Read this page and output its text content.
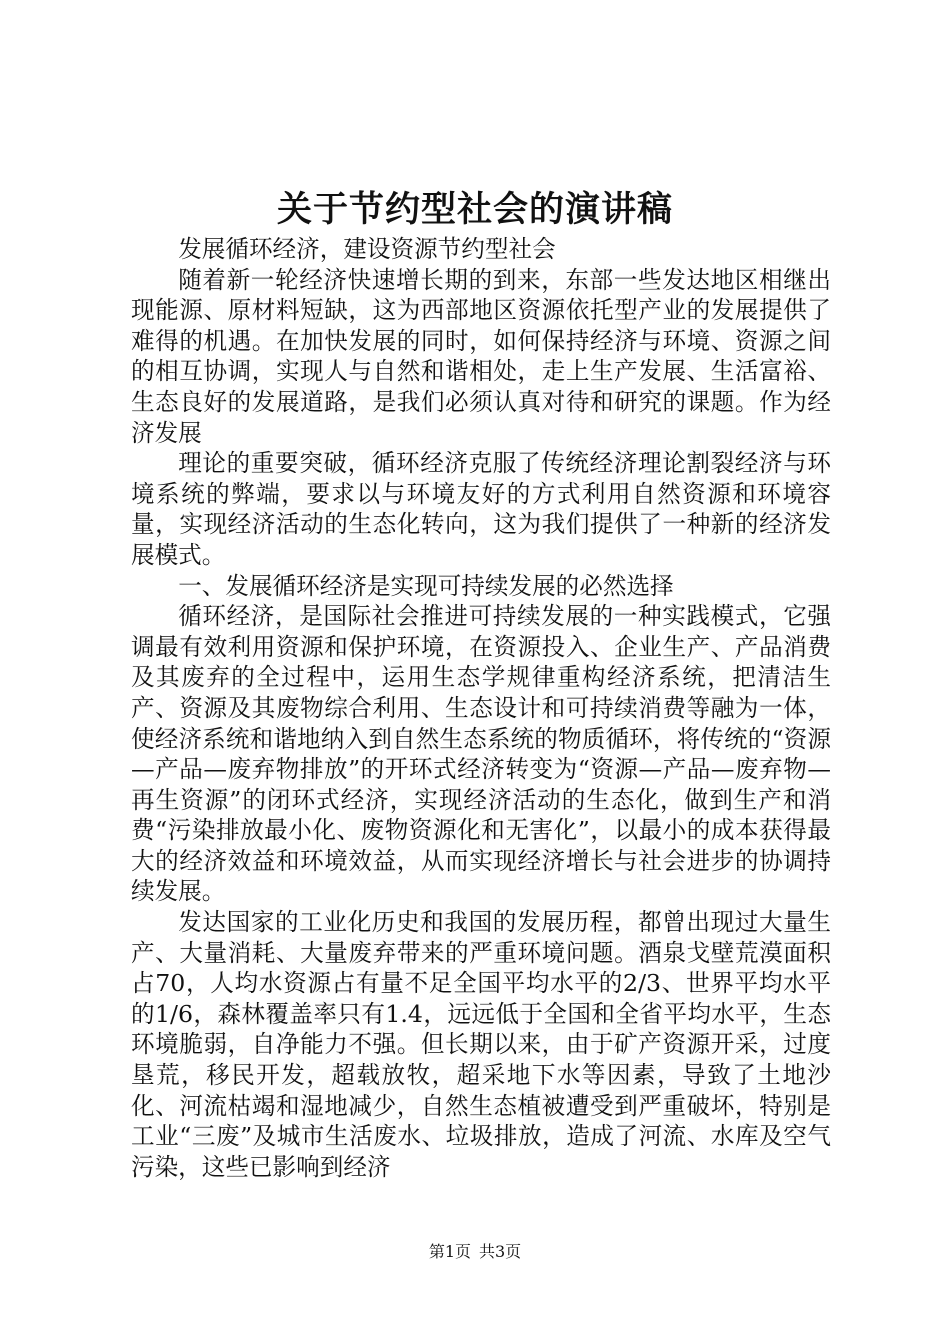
关于节约型社会的演讲稿

发展循环经济，建设资源节约型社会

随着新一轮经济快速增长期的到来，东部一些发达地区相继出现能源、原材料短缺，这为西部地区资源依托型产业的发展提供了难得的机遇。在加快发展的同时，如何保持经济与环境、资源之间的相互协调，实现人与自然和谐相处，走上生产发展、生活富裕、生态良好的发展道路，是我们必须认真对待和研究的课题。作为经济发展

理论的重要突破，循环经济克服了传统经济理论割裂经济与环境系统的弊端，要求以与环境友好的方式利用自然资源和环境容量，实现经济活动的生态化转向，这为我们提供了一种新的经济发展模式。

一、发展循环经济是实现可持续发展的必然选择

循环经济，是国际社会推进可持续发展的一种实践模式，它强调最有效利用资源和保护环境，在资源投入、企业生产、产品消费及其废弃的全过程中，运用生态学规律重构经济系统，把清洁生产、资源及其废物综合利用、生态设计和可持续消费等融为一体，使经济系统和谐地纳入到自然生态系统的物质循环，将传统的“资源—产品—废弃物排放”的开环式经济转变为“资源—产品—废弃物—再生资源”的闭环式经济，实现经济活动的生态化，做到生产和消费“污染排放最小化、废物资源化和无害化”，以最小的成本获得最大的经济效益和环境效益，从而实现经济增长与社会进步的协调持续发展。

发达国家的工业化历史和我国的发展历程，都曾出现过大量生产、大量消耗、大量废弃带来的严重环境问题。酒泉戈壁荒漠面积占70，人均水资源占有量不足全国平均水平的2/3、世界平均水平的1/6，森林覆盖率只有1.4，远远低于全国和全省平均水平，生态环境脆弱，自净能力不强。但长期以来，由于矿产资源开采，过度垦荒，移民开发，超载放牧，超采地下水等因素，导致了土地沙化、河流枯竭和湿地减少，自然生态植被遭受到严重破坏，特别是工业“三废”及城市生活废水、垃圾排放，造成了河流、水库及空气污染，这些已影响到经济

第1页 共3页
